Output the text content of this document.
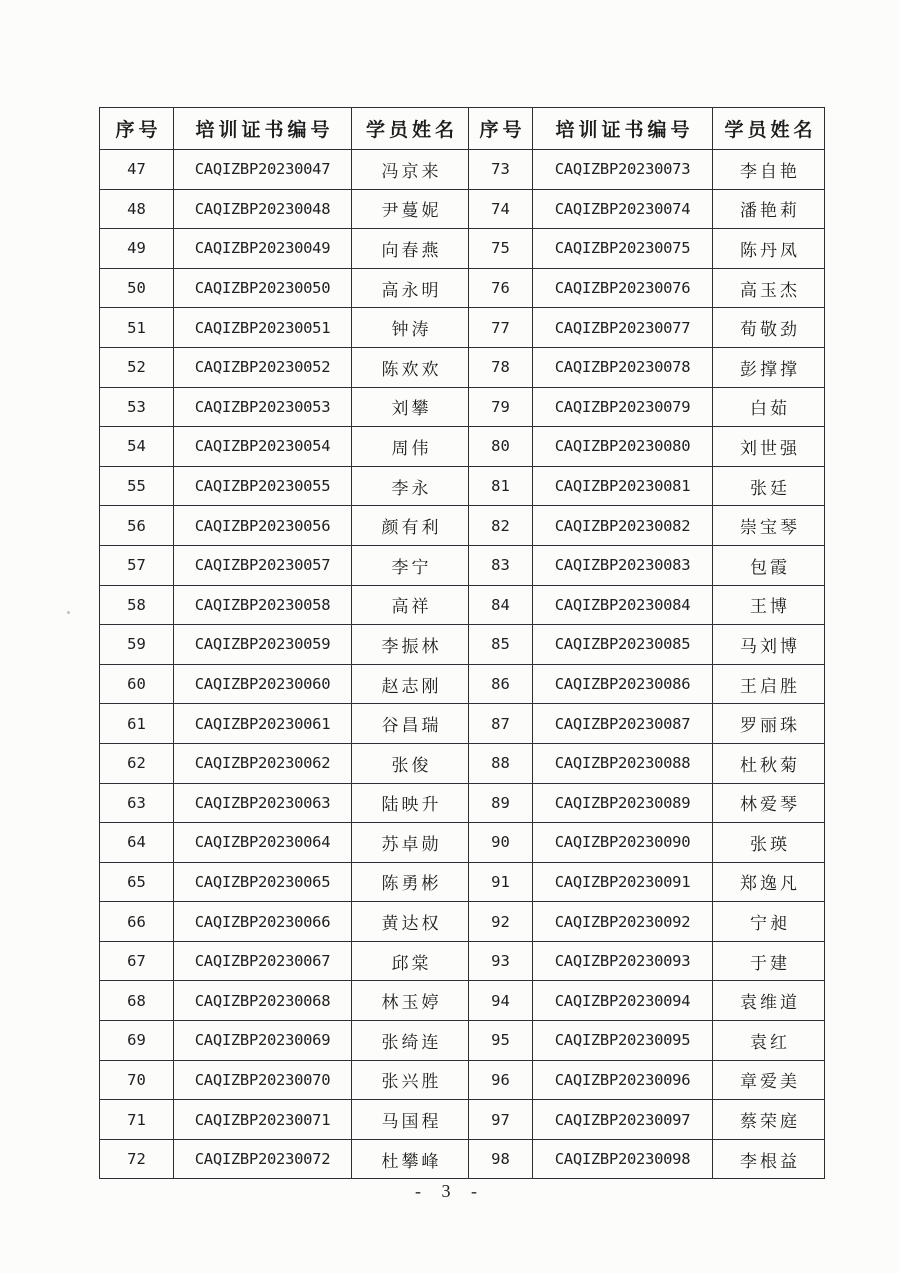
序号	培训证书编号	学员姓名	序号	培训证书编号	学员姓名
47	CAQIZBP20230047	冯京来	73	CAQIZBP20230073	李自艳
48	CAQIZBP20230048	尹蔓妮	74	CAQIZBP20230074	潘艳莉
49	CAQIZBP20230049	向春燕	75	CAQIZBP20230075	陈丹凤
50	CAQIZBP20230050	高永明	76	CAQIZBP20230076	高玉杰
51	CAQIZBP20230051	钟涛	77	CAQIZBP20230077	荀敬劲
52	CAQIZBP20230052	陈欢欢	78	CAQIZBP20230078	彭撑撑
53	CAQIZBP20230053	刘攀	79	CAQIZBP20230079	白茹
54	CAQIZBP20230054	周伟	80	CAQIZBP20230080	刘世强
55	CAQIZBP20230055	李永	81	CAQIZBP20230081	张廷
56	CAQIZBP20230056	颜有利	82	CAQIZBP20230082	崇宝琴
57	CAQIZBP20230057	李宁	83	CAQIZBP20230083	包霞
58	CAQIZBP20230058	高祥	84	CAQIZBP20230084	王博
59	CAQIZBP20230059	李振林	85	CAQIZBP20230085	马刘博
60	CAQIZBP20230060	赵志刚	86	CAQIZBP20230086	王启胜
61	CAQIZBP20230061	谷昌瑞	87	CAQIZBP20230087	罗丽珠
62	CAQIZBP20230062	张俊	88	CAQIZBP20230088	杜秋菊
63	CAQIZBP20230063	陆映升	89	CAQIZBP20230089	林爱琴
64	CAQIZBP20230064	苏卓勋	90	CAQIZBP20230090	张瑛
65	CAQIZBP20230065	陈勇彬	91	CAQIZBP20230091	郑逸凡
66	CAQIZBP20230066	黄达权	92	CAQIZBP20230092	宁昶
67	CAQIZBP20230067	邱棠	93	CAQIZBP20230093	于建
68	CAQIZBP20230068	林玉婷	94	CAQIZBP20230094	袁维道
69	CAQIZBP20230069	张绮连	95	CAQIZBP20230095	袁红
70	CAQIZBP20230070	张兴胜	96	CAQIZBP20230096	章爱美
71	CAQIZBP20230071	马国程	97	CAQIZBP20230097	蔡荣庭
72	CAQIZBP20230072	杜攀峰	98	CAQIZBP20230098	李根益
- 3 -
